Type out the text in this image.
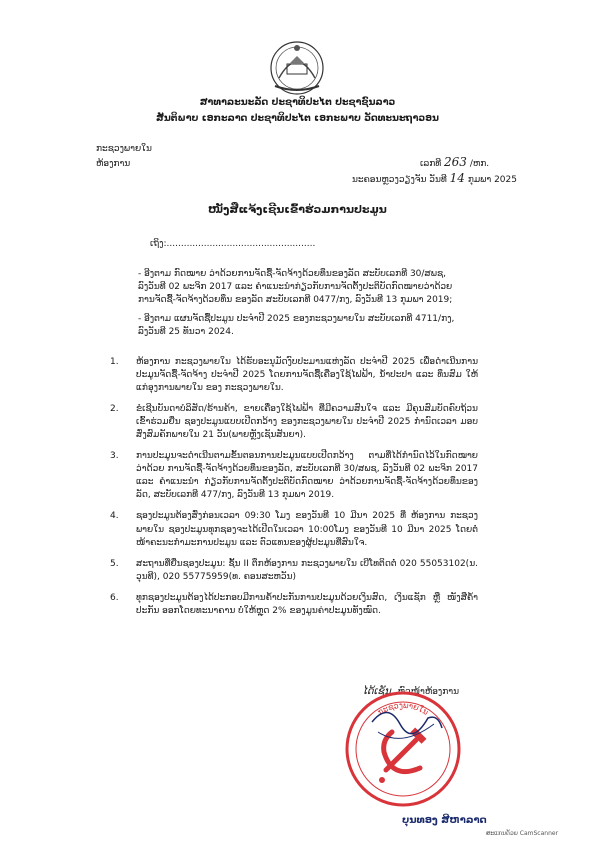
ສາທາລະນະລັດ ປະຊາທິປະໄຕ ປະຊາຊົນລາວ
ສັນຕິພາບ ເອກະລາດ ປະຊາທິປະໄຕ ເອກະພາບ ວັດທະນະຖາວອນ
ກະຊວງພາຍໃນ
ຫ້ອງການ	ເລກທີ 263 /ຫກ.
ນະຄອນຫຼວງວຽງຈັນ ວັນທີ 14 ກຸມພາ 2025
ໜັງສືແຈ້ງເຊີນເຂົ້າຮ່ວມການປະມູນ
ເຖິງ:....................................................
- ອີງຕາມ ກົດໝາຍ ວ່າດ້ວຍການຈັດຊື້-ຈັດຈ້າງດ້ວຍທຶນຂອງລັດ ສະບັບເລກທີ 30/ສພຊ, ລົງວັນທີ 02 ພະຈິກ 2017 ແລະ ຄຳແນະນຳກ່ຽວກັບການຈັດຕັ້ງປະຕິບັດກົດໝາຍວ່າດ້ວຍການຈັດຊື້-ຈັດຈ້າງດ້ວຍທຶນ ຂອງລັດ ສະບັບເລກທີ 0477/ກງ, ລົງວັນທີ 13 ກຸມພາ 2019;
- ອີງຕາມ ແຜນຈັດຊື້ປະມູນ ປະຈຳປີ 2025 ຂອງກະຊວງພາຍໃນ ສະບັບເລກທີ 4711/ກງ, ລົງວັນທີ 25 ທັນວາ 2024.
1.	ຫ້ອງການ ກະຊວງພາຍໃນ ໄດ້ຮັບອະນຸມັດງົບປະມານແຫ່ງລັດ ປະຈຳປີ 2025 ເພື່ອດຳເນີນການປະມູນຈັດຊື້-ຈັດຈ້າງ ປະຈຳປີ 2025 ໂດຍການຈັດຊື້ເຄື່ອງໃຊ້ໄຟຟ້າ, ນ້ຳປະປາ ແລະ ທຶນສົມ ໃຫ້ແກ່ອຸງການພາຍໃນ ຂອງ ກະຊວງພາຍໃນ.
2.	ຂໍເຊີນບັນດາບໍລິສັດ/ຮ້ານຄ້າ, ຂາຍເຄື່ອງໃຊ້ໄຟຟ້າ ທີ່ມີຄວາມສົນໃຈ ແລະ ມີຄຸນສົມບັດຄົບຖ້ວນເຂົ້າຮ່ວມຍື່ນ ຊອງປະມູນແບບເປີດກວ້າງ ຂອງກະຊວງພາຍໃນ ປະຈຳປີ 2025 ກຳນົດເວລາ ມອບສົ່ງສົມຄັກພາຍໃນ 21 ວັນ(ພາຍຫຼັງເຊັນສັນຍາ).
3.	ການປະມູນຈະດຳເນີນຕາມຂັ້ນຕອນການປະມູນແບບເປີດກວ້າງ ຕາມທີ່ໄດ້ກຳນົດໄວ້ໃນກົດໝາຍ ວ່າດ້ວຍ ການຈັດຊື້-ຈັດຈ້າງດ້ວຍທຶນຂອງລັດ, ສະບັບເລກທີ 30/ສພຊ, ລົງວັນທີ 02 ພະຈິກ 2017 ແລະ ຄຳແນະນຳ ກ່ຽວກັບການຈັດຕັ້ງປະຕິບັດກົດໝາຍ ວ່າດ້ວຍການຈັດຊື້-ຈັດຈ້າງດ້ວຍທຶນຂອງລັດ, ສະບັບເລກທີ 477/ກງ, ລົງວັນທີ 13 ກຸມພາ 2019.
4.	ຊອງປະມູນຕ້ອງສົ່ງກ່ອນເວລາ 09:30 ໂມງ ຂອງວັນທີ 10 ມີນາ 2025 ທີ່ ຫ້ອງການ ກະຊວງພາຍໃນ ຊອງປະມູນທຸກຊອງຈະໄດ້ເປີດໃນເວລາ 10:00ໂມງ ຂອງວັນທີ 10 ມີນາ 2025 ໂດຍຕໍ່ໜ້າຄະນະກຳມະການປະມູນ ແລະ ຕົວແທນຂອງຜູ້ປະມູນທີ່ສົນໃຈ.
5.	ສະຖານທີ່ຍື່ນຊອງປະມູນ: ຊັ້ນ II ຕຶກຫ້ອງການ ກະຊວງພາຍໃນ ເບີໂທຕິດຕໍ່ 020 55053102(ນ. ວຸນທີ), 020 55775959(ທ. ຄອນສະຫວັນ)
6.	ທຸກຊອງປະມູນຕ້ອງໄດ້ປະກອບມີການຄ້ຳປະກັນການປະມູນດ້ວຍເງິນສົດ, ເງິນແຊັກ ຫຼື ໜັງສືຄ້ຳປະກັນ ອອກໂດຍທະນາຄານ ບໍ່ໃຫ້ຫຼຸດ 2% ຂອງມູນຄ່າປະມູນທັງໝົດ.
ໄດ້ເຊັນ ຫົວໜ້າຫ້ອງການ
ກະຊວງພາຍໃນ
ບຸນທອງ ສີຫາລາດ
ສະແກນດ້ວຍ CamScanner
